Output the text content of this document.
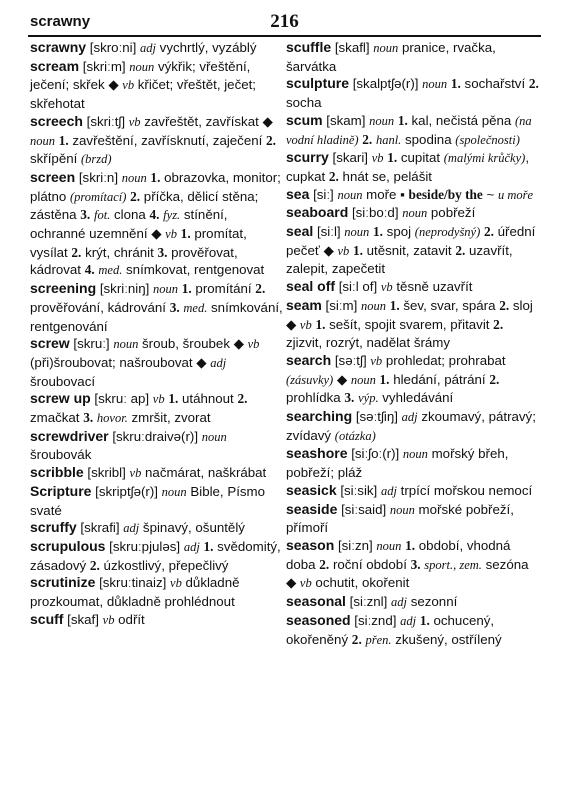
scrawny	216
scrawny [skroːni] adj vychrtlý, vyzáblý
scream [skriːm] noun výkřik; vřeštění, ječení; skřek ◆ vb křičet; vřeštět, ječet; skřehotat
screech [skriːtʃ] vb zavřeštět, zavřískat ◆ noun 1. zavřeštění, zavřísknutí, zaječení 2. skřípění (brzd)
screen [skriːn] noun 1. obrazovka, monitor; plátno (promítací) 2. příčka, dělicí stěna; zástěna 3. fot. clona 4. fyz. stínění, ochranné uzemnění ◆ vb 1. promítat, vysílat 2. krýt, chránit 3. prověřovat, kádrovat 4. med. snímkovat, rentgenovat
screening [skriːniŋ] noun 1. promítání 2. prověřování, kádrování 3. med. snímkování, rentgenování
screw [skruː] noun šroub, šroubek ◆ vb (při)šroubovat; našroubovat ◆ adj šroubovací
screw up [skruː ap] vb 1. utáhnout 2. zmačkat 3. hovor. zmršit, zvorat
screwdriver [skruːdraivə(r)] noun šroubovák
scribble [skribl] vb načmárat, naškrábat
Scripture [skriptʃə(r)] noun Bible, Písmo svaté
scruffy [skrafi] adj špinavý, ošuntělý
scrupulous [skruːpjuləs] adj 1. svědomitý, zásadový 2. úzkostlivý, přepečlivý
scrutinize [skruːtinaiz] vb důkladně prozkoumat, důkladně prohlédnout
scuff [skaf] vb odřít
scuffle [skafl] noun pranice, rvačka, šarvátka
sculpture [skalptʃə(r)] noun 1. sochařství 2. socha
scum [skam] noun 1. kal, nečistá pěna (na vodní hladině) 2. hanl. spodina (společnosti)
scurry [skari] vb 1. cupitat (malými krůčky), cupkat 2. hnát se, pelášit
sea [siː] noun moře ▪ beside/by the ~ u moře
seaboard [siːboːd] noun pobřeží
seal [siːl] noun 1. spoj (neprodyšný) 2. úřední pečeť ◆ vb 1. utěsnit, zatavit 2. uzavřít, zalepit, zapečetit
seal off [siːl of] vb těsně uzavřít
seam [siːm] noun 1. šev, svar, spára 2. sloj ◆ vb 1. sešít, spojit svarem, přitavit 2. zjizvit, rozrýt, nadělat šrámy
search [səːtʃ] vb prohledat; prohrabat (zásuvky) ◆ noun 1. hledání, pátrání 2. prohlídka 3. výp. vyhledávání
searching [səːtʃiŋ] adj zkoumavý, pátravý; zvídavý (otázka)
seashore [siːʃoː(r)] noun mořský břeh, pobřeží; pláž
seasick [siːsik] adj trpící mořskou nemocí
seaside [siːsaid] noun mořské pobřeží, přímoří
season [siːzn] noun 1. období, vhodná doba 2. roční období 3. sport., zem. sezóna ◆ vb ochutit, okořenit
seasonal [siːznl] adj sezonní
seasoned [siːznd] adj 1. ochucený, okořeněný 2. přen. zkušený, ostřílený
